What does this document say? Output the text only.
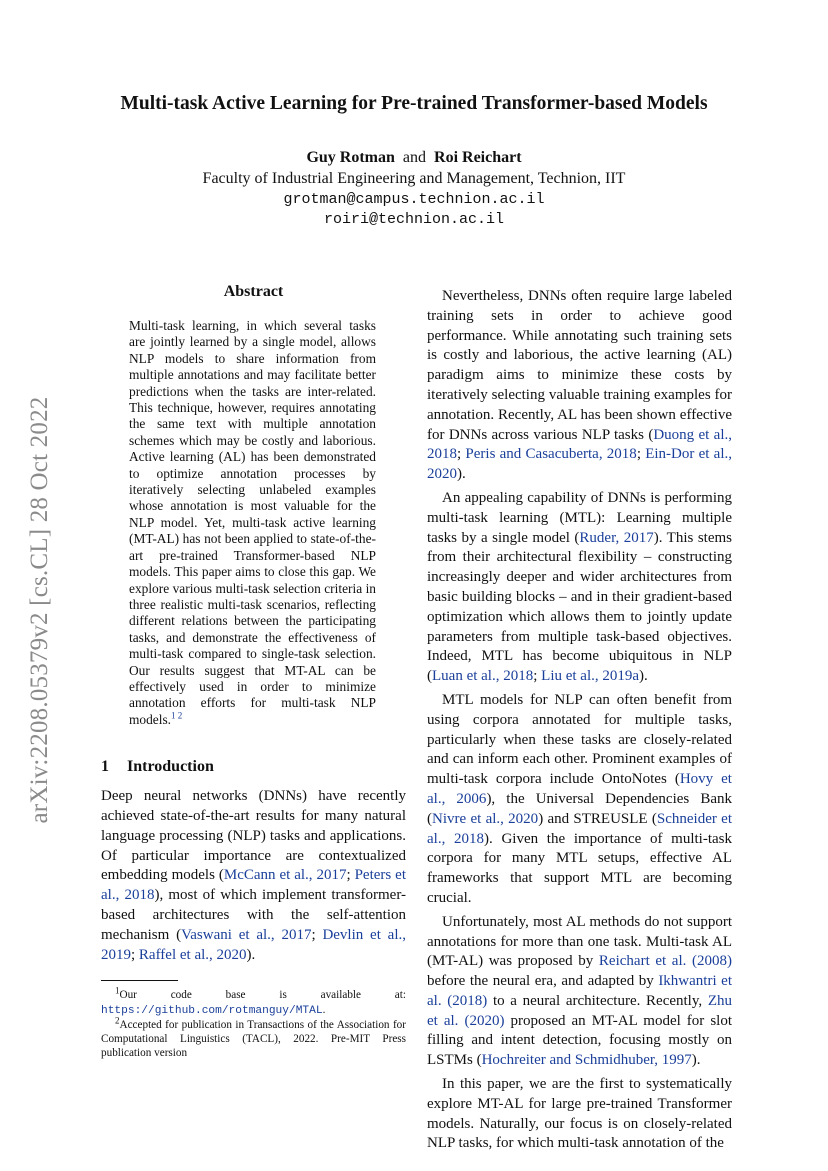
Multi-task Active Learning for Pre-trained Transformer-based Models
Guy Rotman and Roi Reichart
Faculty of Industrial Engineering and Management, Technion, IIT
grotman@campus.technion.ac.il
roiri@technion.ac.il
arXiv:2208.05379v2 [cs.CL] 28 Oct 2022
Abstract
Multi-task learning, in which several tasks are jointly learned by a single model, allows NLP models to share information from multiple annotations and may facilitate better predictions when the tasks are inter-related. This technique, however, requires annotating the same text with multiple annotation schemes which may be costly and laborious. Active learning (AL) has been demonstrated to optimize annotation processes by iteratively selecting unlabeled examples whose annotation is most valuable for the NLP model. Yet, multi-task active learning (MT-AL) has not been applied to state-of-the-art pre-trained Transformer-based NLP models. This paper aims to close this gap. We explore various multi-task selection criteria in three realistic multi-task scenarios, reflecting different relations between the participating tasks, and demonstrate the effectiveness of multi-task compared to single-task selection. Our results suggest that MT-AL can be effectively used in order to minimize annotation efforts for multi-task NLP models.$^{1 2}$
1 Introduction

Deep neural networks (DNNs) have recently achieved state-of-the-art results for many natural language processing (NLP) tasks and applications. Of particular importance are contextualized embedding models (McCann et al., 2017; Peters et al., 2018), most of which implement transformer-based architectures with the self-attention mechanism (Vaswani et al., 2017; Devlin et al., 2019; Raffel et al., 2020).

$^1$Our code base is available at: https://github.com/rotmanguy/MTAL.

$^2$Accepted for publication in Transactions of the Association for Computational Linguistics (TACL), 2022. Pre-MIT Press publication version

Nevertheless, DNNs often require large labeled training sets in order to achieve good performance. While annotating such training sets is costly and laborious, the active learning (AL) paradigm aims to minimize these costs by iteratively selecting valuable training examples for annotation. Recently, AL has been shown effective for DNNs across various NLP tasks (Duong et al., 2018; Peris and Casacuberta, 2018; Ein-Dor et al., 2020).

An appealing capability of DNNs is performing multi-task learning (MTL): Learning multiple tasks by a single model (Ruder, 2017). This stems from their architectural flexibility – constructing increasingly deeper and wider architectures from basic building blocks – and in their gradient-based optimization which allows them to jointly update parameters from multiple task-based objectives. Indeed, MTL has become ubiquitous in NLP (Luan et al., 2018; Liu et al., 2019a).

MTL models for NLP can often benefit from using corpora annotated for multiple tasks, particularly when these tasks are closely-related and can inform each other. Prominent examples of multi-task corpora include OntoNotes (Hovy et al., 2006), the Universal Dependencies Bank (Nivre et al., 2020) and STREUSLE (Schneider et al., 2018). Given the importance of multi-task corpora for many MTL setups, effective AL frameworks that support MTL are becoming crucial.

Unfortunately, most AL methods do not support annotations for more than one task. Multi-task AL (MT-AL) was proposed by Reichart et al. (2008) before the neural era, and adapted by Ikhwantri et al. (2018) to a neural architecture. Recently, Zhu et al. (2020) proposed an MT-AL model for slot filling and intent detection, focusing mostly on LSTMs (Hochreiter and Schmidhuber, 1997).

In this paper, we are the first to systematically explore MT-AL for large pre-trained Transformer models. Naturally, our focus is on closely-related NLP tasks, for which multi-task annotation of the
